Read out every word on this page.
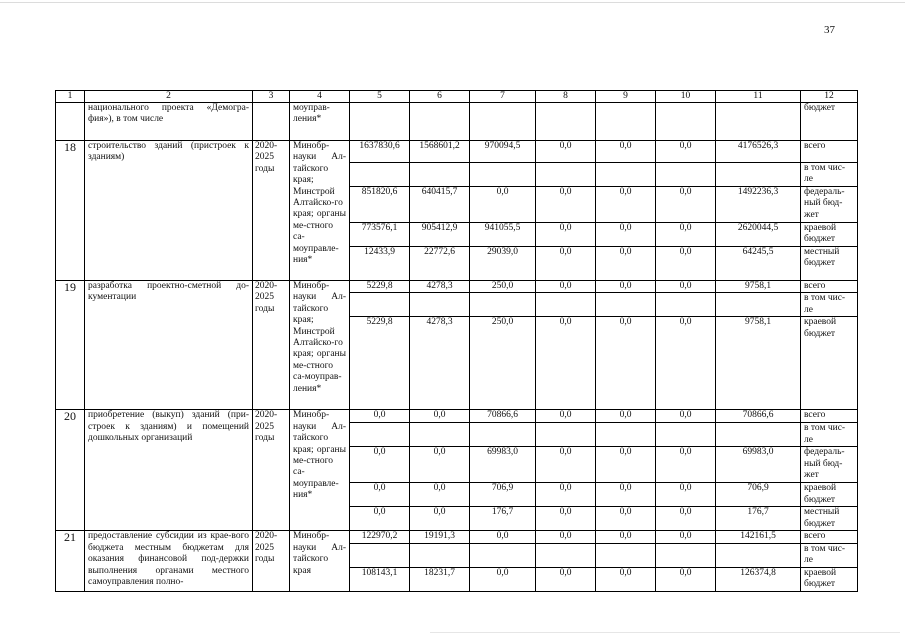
37
1	2	3	4	5	6	7	8	9	10	11	12
	национального проекта «Демогра-фия»), в том числе		моуправ-ления*								бюджет
18	строительство зданий (пристроек к зданиям)	2020-2025 годы	Минобр-науки Ал-тайского края; Минстрой Алтайско-го края; органы ме-стного са-моуправле-ния*	1637830,6	1568601,2	970094,5	0,0	0,0	0,0	4176526,3	всего
											в том чис-ле
				851820,6	640415,7	0,0	0,0	0,0	0,0	1492236,3	федераль-ный бюд-жет
				773576,1	905412,9	941055,5	0,0	0,0	0,0	2620044,5	краевой бюджет
				12433,9	22772,6	29039,0	0,0	0,0	0,0	64245,5	местный бюджет
19	разработка проектно-сметной до-кументации	2020-2025 годы	Минобр-науки Ал-тайского края; Минстрой Алтайско-го края; органы ме-стного са-моуправ-ления*	5229,8	4278,3	250,0	0,0	0,0	0,0	9758,1	всего
											в том чис-ле
				5229,8	4278,3	250,0	0,0	0,0	0,0	9758,1	краевой бюджет
20	приобретение (выкуп) зданий (при-строек к зданиям) и помещений дошкольных организаций	2020-2025 годы	Минобр-науки Ал-тайского края; органы ме-стного са-моуправле-ния*	0,0	0,0	70866,6	0,0	0,0	0,0	70866,6	всего
											в том чис-ле
				0,0	0,0	69983,0	0,0	0,0	0,0	69983,0	федераль-ный бюд-жет
				0,0	0,0	706,9	0,0	0,0	0,0	706,9	краевой бюджет
				0,0	0,0	176,7	0,0	0,0	0,0	176,7	местный бюджет
21	предоставление субсидии из крае-вого бюджета местным бюджетам для оказания финансовой под-держки выполнения органами местного самоуправления полно-	2020-2025 годы	Минобр-науки Ал-тайского края	122970,2	19191,3	0,0	0,0	0,0	0,0	142161,5	всего
											в том чис-ле
				108143,1	18231,7	0,0	0,0	0,0	0,0	126374,8	краевой бюджет
